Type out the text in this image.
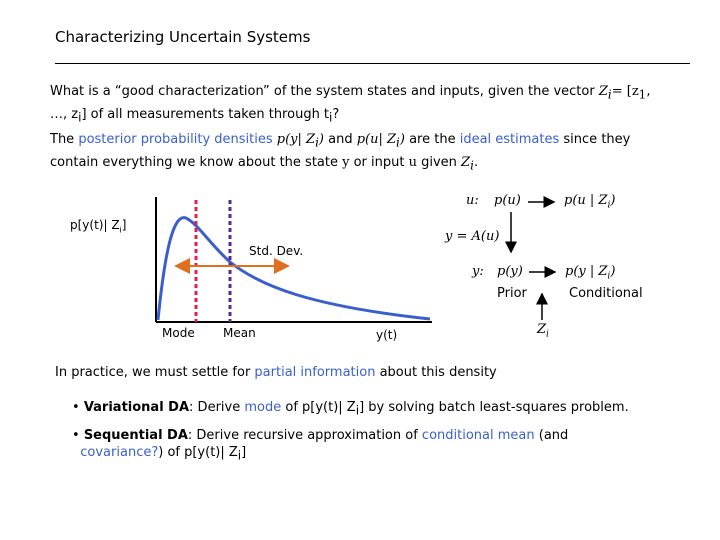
Characterizing Uncertain Systems
What is a “good characterization” of the system states and inputs, given the vector $Z_i= [z_1$,
…, $z_i$] of all measurements taken through $t_i$?
The posterior probability densities p(y| $Z_i$) and p(u| $Z_i$) are the ideal estimates since they
contain everything we know about the state y or input u given $Z_i$.
p[y(t)| $Z_i$]
Std. Dev.
Mode Mean	y(t)
u: p(u)	p(u | $Z_i$)
y = A(u)
y: p(y)	p(y | $Z_i$)
Prior	Conditional
$Z_i$
In practice, we must settle for partial information about this density
• Variational DA: Derive mode of p[y(t)| $Z_i$] by solving batch least-squares problem.
• Sequential DA: Derive recursive approximation of conditional mean (and
covariance?) of p[y(t)| $Z_i$]
